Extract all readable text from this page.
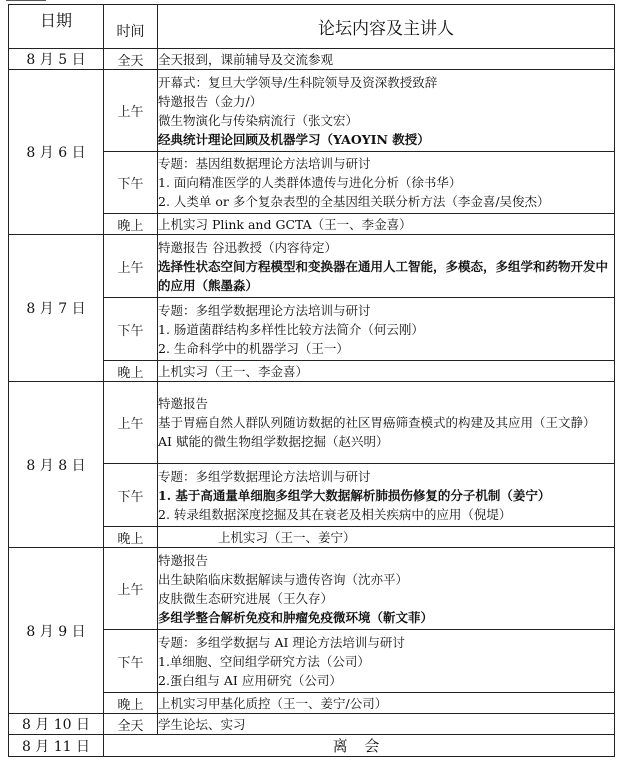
日期	时间	论坛内容及主讲人
8 月 5 日	全天	全天报到，课前辅导及交流参观

8 月 6 日	上午	开幕式：复旦大学领导/生科院领导及资深教授致辞
特邀报告（金力/）
微生物演化与传染病流行（张文宏）
经典统计理论回顾及机器学习（YAOYIN 教授）

	下午	专题：基因组数据理论方法培训与研讨
1. 面向精准医学的人类群体遗传与进化分析（徐书华）
2. 人类单 or 多个复杂表型的全基因组关联分析方法（李金喜/吴俊杰）

	晚上	上机实习 Plink and GCTA（王一、李金喜）

8 月 7 日	上午	特邀报告 谷迅教授（内容待定）
选择性状态空间方程模型和变换器在通用人工智能，多模态，多组学和药物开发中的应用（熊墨淼）

	下午	专题：多组学数据理论方法培训与研讨
1. 肠道菌群结构多样性比较方法简介（何云刚）
2. 生命科学中的机器学习（王一）

	晚上	上机实习（王一、李金喜）

8 月 8 日	上午	特邀报告
基于胃癌自然人群队列随访数据的社区胃癌筛查模式的构建及其应用（王文静）
AI 赋能的微生物组学数据挖掘（赵兴明）

	下午	专题：多组学数据理论方法培训与研讨
1. 基于高通量单细胞多组学大数据解析肺损伤修复的分子机制（姜宁）
2. 转录组数据深度挖掘及其在衰老及相关疾病中的应用（倪堤）

	晚上	上机实习（王一、姜宁）

8 月 9 日	上午	特邀报告
出生缺陷临床数据解读与遗传咨询（沈亦平）
皮肤微生态研究进展（王久存）
多组学整合解析免疫和肿瘤免疫微环境（靳文菲）

	下午	专题：多组学数据与 AI 理论方法培训与研讨
1.单细胞、空间组学研究方法（公司）
2.蛋白组与 AI 应用研究（公司）

	晚上	上机实习甲基化质控（王一、姜宁/公司）

8 月 10 日	全天	学生论坛、实习

8 月 11 日	离 会	
